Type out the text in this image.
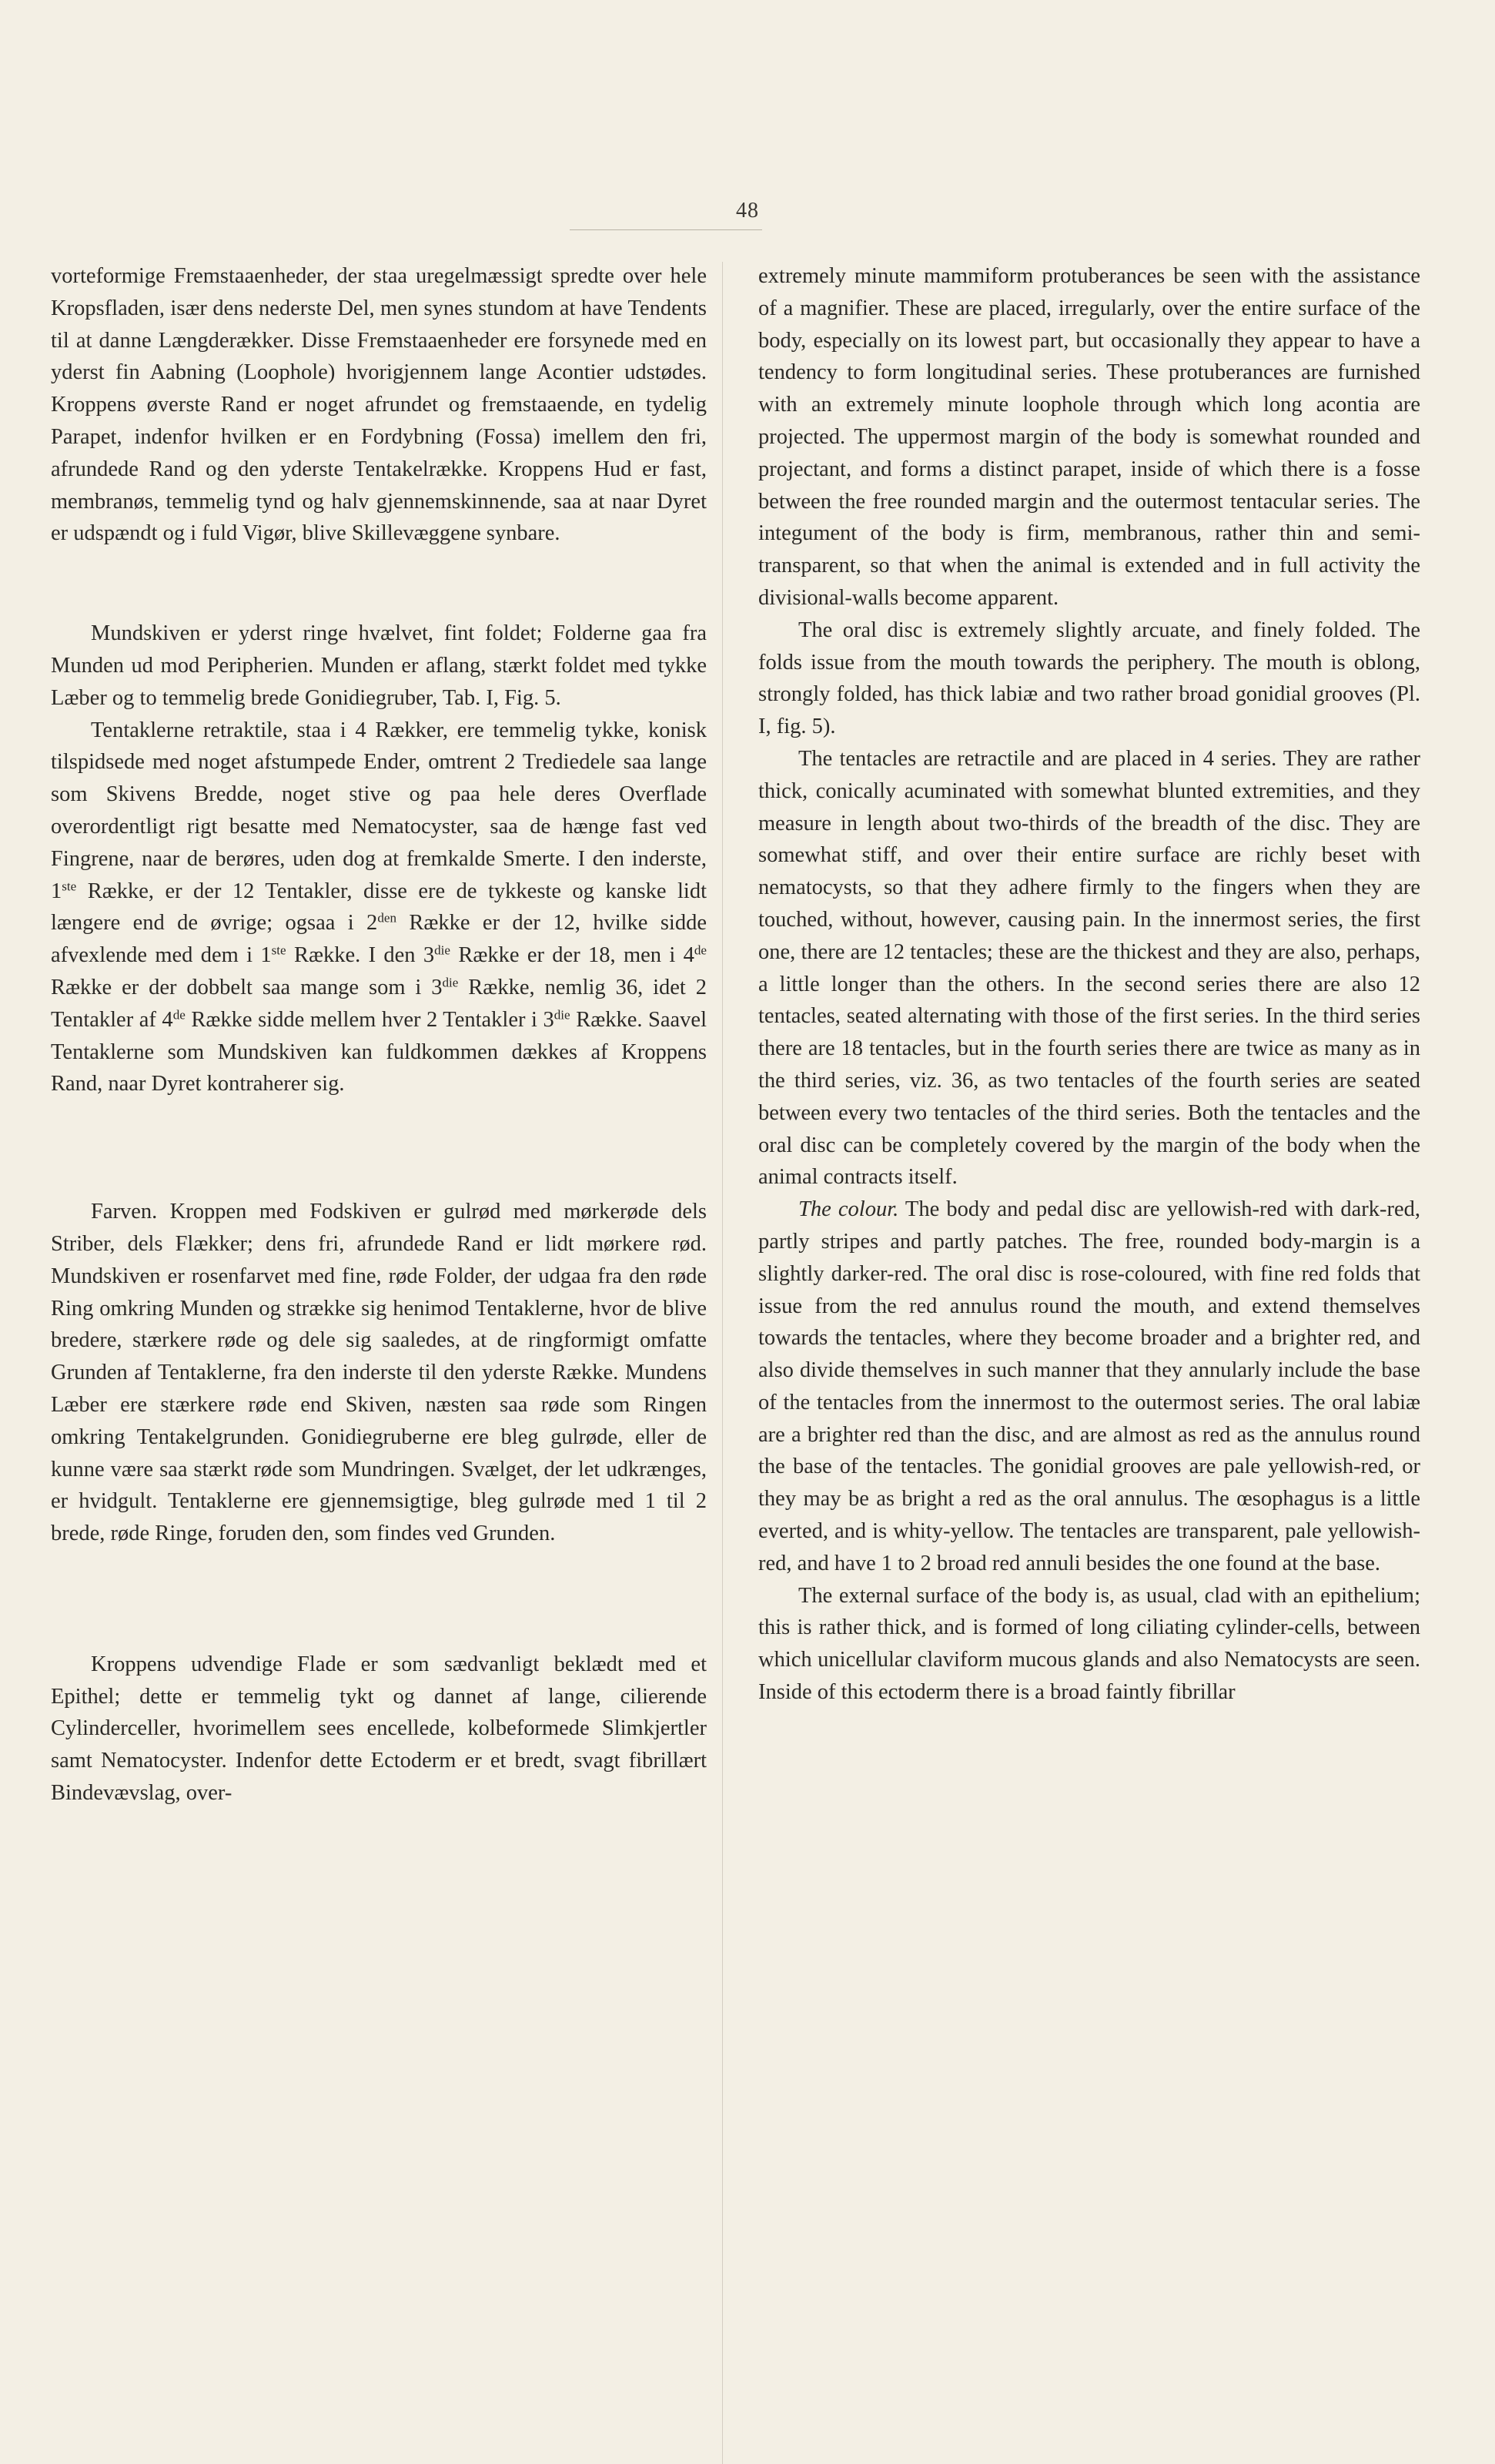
48

vorteformige Fremstaaenheder, der staa uregelmæssigt spredte over hele Kropsfladen, især dens nederste Del, men synes stundom at have Tendents til at danne Længderækker. Disse Fremstaaenheder ere forsynede med en yderst fin Aabning (Loophole) hvorigjennem lange Acontier udstødes. Kroppens øverste Rand er noget afrundet og fremstaaende, en tydelig Parapet, indenfor hvilken er en Fordybning (Fossa) imellem den fri, afrundede Rand og den yderste Tentakelrække. Kroppens Hud er fast, membranøs, temmelig tynd og halv gjennemskinnende, saa at naar Dyret er udspændt og i fuld Vigør, blive Skillevæggene synbare.

Mundskiven er yderst ringe hvælvet, fint foldet; Folderne gaa fra Munden ud mod Peripherien. Munden er aflang, stærkt foldet med tykke Læber og to temmelig brede Gonidiegruber, Tab. I, Fig. 5.

Tentaklerne retraktile, staa i 4 Rækker, ere temmelig tykke, konisk tilspidsede med noget afstumpede Ender, omtrent 2 Trediedele saa lange som Skivens Bredde, noget stive og paa hele deres Overflade overordentligt rigt besatte med Nematocyster, saa de hænge fast ved Fingrene, naar de berøres, uden dog at fremkalde Smerte. I den inderste, 1ste Række, er der 12 Tentakler, disse ere de tykkeste og kanske lidt længere end de øvrige; ogsaa i $2^{den}$ Række er der 12, hvilke sidde afvexlende med dem i 1ste Række. I den $3^{die}$ Række er der 18, men i 4de Række er der dobbelt saa mange som i $3^{die}$ Række, nemlig 36, idet 2 Tentakler af 4de Række sidde mellem hver 2 Tentakler i $3^{die}$ Række. Saavel Tentaklerne som Mundskiven kan fuldkommen dækkes af Kroppens Rand, naar Dyret kontraherer sig.

Farven. Kroppen med Fodskiven er gulrød med mørkerøde dels Striber, dels Flækker; dens fri, afrundede Rand er lidt mørkere rød. Mundskiven er rosenfarvet med fine, røde Folder, der udgaa fra den røde Ring omkring Munden og strække sig henimod Tentaklerne, hvor de blive bredere, stærkere røde og dele sig saaledes, at de ringformigt omfatte Grunden af Tentaklerne, fra den inderste til den yderste Række. Mundens Læber ere stærkere røde end Skiven, næsten saa røde som Ringen omkring Tentakelgrunden. Gonidiegruberne ere bleg gulrøde, eller de kunne være saa stærkt røde som Mundringen. Svælget, der let udkrænges, er hvidgult. Tentaklerne ere gjennemsigtige, bleg gulrøde med 1 til 2 brede, røde Ringe, foruden den, som findes ved Grunden.

Kroppens udvendige Flade er som sædvanligt beklædt med et Epithel; dette er temmelig tykt og dannet af lange, cilierende Cylinderceller, hvorimellem sees encellede, kolbeformede Slimkjertler samt Nematocyster. Indenfor dette Ectoderm er et bredt, svagt fibrillært Bindevævslag, over-

extremely minute mammiform protuberances be seen with the assistance of a magnifier. These are placed, irregularly, over the entire surface of the body, especially on its lowest part, but occasionally they appear to have a tendency to form longitudinal series. These protuberances are furnished with an extremely minute loophole through which long acontia are projected. The uppermost margin of the body is somewhat rounded and projectant, and forms a distinct parapet, inside of which there is a fosse between the free rounded margin and the outermost tentacular series. The integument of the body is firm, membranous, rather thin and semi-transparent, so that when the animal is extended and in full activity the divisional-walls become apparent.

The oral disc is extremely slightly arcuate, and finely folded. The folds issue from the mouth towards the periphery. The mouth is oblong, strongly folded, has thick labiæ and two rather broad gonidial grooves (Pl. I, fig. 5).

The tentacles are retractile and are placed in 4 series. They are rather thick, conically acuminated with somewhat blunted extremities, and they measure in length about two-thirds of the breadth of the disc. They are somewhat stiff, and over their entire surface are richly beset with nematocysts, so that they adhere firmly to the fingers when they are touched, without, however, causing pain. In the innermost series, the first one, there are 12 tentacles; these are the thickest and they are also, perhaps, a little longer than the others. In the second series there are also 12 tentacles, seated alternating with those of the first series. In the third series there are 18 tentacles, but in the fourth series there are twice as many as in the third series, viz. 36, as two tentacles of the fourth series are seated between every two tentacles of the third series. Both the tentacles and the oral disc can be completely covered by the margin of the body when the animal contracts itself.

The colour. The body and pedal disc are yellowish-red with dark-red, partly stripes and partly patches. The free, rounded body-margin is a slightly darker-red. The oral disc is rose-coloured, with fine red folds that issue from the red annulus round the mouth, and extend themselves towards the tentacles, where they become broader and a brighter red, and also divide themselves in such manner that they annularly include the base of the tentacles from the innermost to the outermost series. The oral labiæ are a brighter red than the disc, and are almost as red as the annulus round the base of the tentacles. The gonidial grooves are pale yellowish-red, or they may be as bright a red as the oral annulus. The œsophagus is a little everted, and is whity-yellow. The tentacles are transparent, pale yellowish-red, and have 1 to 2 broad red annuli besides the one found at the base.

The external surface of the body is, as usual, clad with an epithelium; this is rather thick, and is formed of long ciliating cylinder-cells, between which unicellular claviform mucous glands and also Nematocysts are seen. Inside of this ectoderm there is a broad faintly fibrillar
